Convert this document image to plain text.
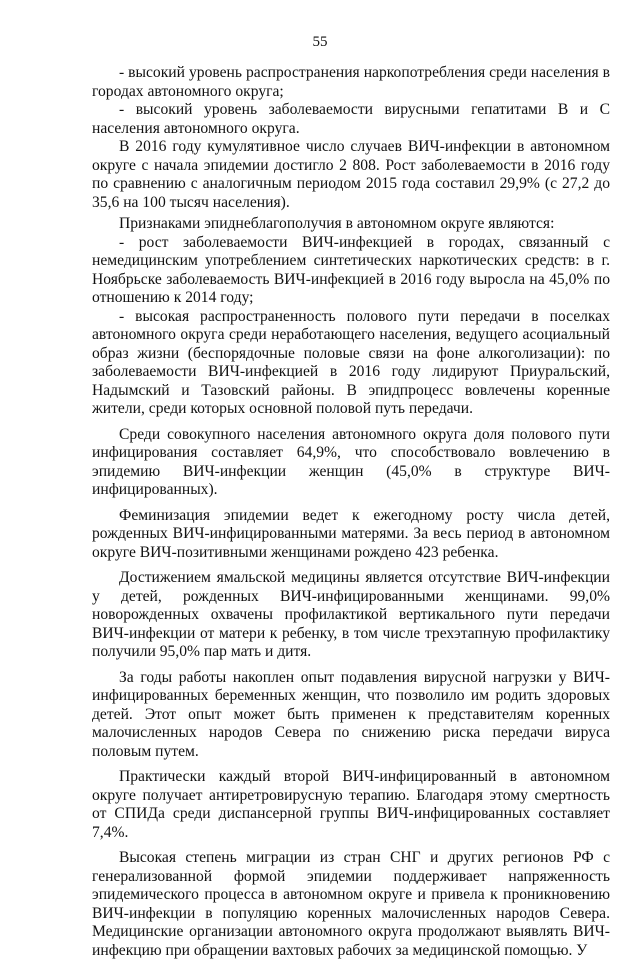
55

- высокий уровень распространения наркопотребления среди населения в городах автономного округа;

- высокий уровень заболеваемости вирусными гепатитами В и С населения автономного округа.

В 2016 году кумулятивное число случаев ВИЧ-инфекции в автономном округе с начала эпидемии достигло 2 808. Рост заболеваемости в 2016 году по сравнению с аналогичным периодом 2015 года составил 29,9% (с 27,2 до 35,6 на 100 тысяч населения).

Признаками эпиднеблагополучия в автономном округе являются:

- рост заболеваемости ВИЧ-инфекцией в городах, связанный с немедицинским употреблением синтетических наркотических средств: в г. Ноябрьске заболеваемость ВИЧ-инфекцией в 2016 году выросла на 45,0% по отношению к 2014 году;

- высокая распространенность полового пути передачи в поселках автономного округа среди неработающего населения, ведущего асоциальный образ жизни (беспорядочные половые связи на фоне алкоголизации): по заболеваемости ВИЧ-инфекцией в 2016 году лидируют Приуральский, Надымский и Тазовский районы. В эпидпроцесс вовлечены коренные жители, среди которых основной половой путь передачи.

Среди совокупного населения автономного округа доля полового пути инфицирования составляет 64,9%, что способствовало вовлечению в эпидемию ВИЧ-инфекции женщин (45,0% в структуре ВИЧ-инфицированных).

Феминизация эпидемии ведет к ежегодному росту числа детей, рожденных ВИЧ-инфицированными матерями. За весь период в автономном округе ВИЧ-позитивными женщинами рождено 423 ребенка.

Достижением ямальской медицины является отсутствие ВИЧ-инфекции у детей, рожденных ВИЧ-инфицированными женщинами. 99,0% новорожденных охвачены профилактикой вертикального пути передачи ВИЧ-инфекции от матери к ребенку, в том числе трехэтапную профилактику получили 95,0% пар мать и дитя.

За годы работы накоплен опыт подавления вирусной нагрузки у ВИЧ-инфицированных беременных женщин, что позволило им родить здоровых детей. Этот опыт может быть применен к представителям коренных малочисленных народов Севера по снижению риска передачи вируса половым путем.

Практически каждый второй ВИЧ-инфицированный в автономном округе получает антиретровирусную терапию. Благодаря этому смертность от СПИДа среди диспансерной группы ВИЧ-инфицированных составляет 7,4%.

Высокая степень миграции из стран СНГ и других регионов РФ с генерализованной формой эпидемии поддерживает напряженность эпидемического процесса в автономном округе и привела к проникновению ВИЧ-инфекции в популяцию коренных малочисленных народов Севера. Медицинские организации автономного округа продолжают выявлять ВИЧ-инфекцию при обращении вахтовых рабочих за медицинской помощью. У
